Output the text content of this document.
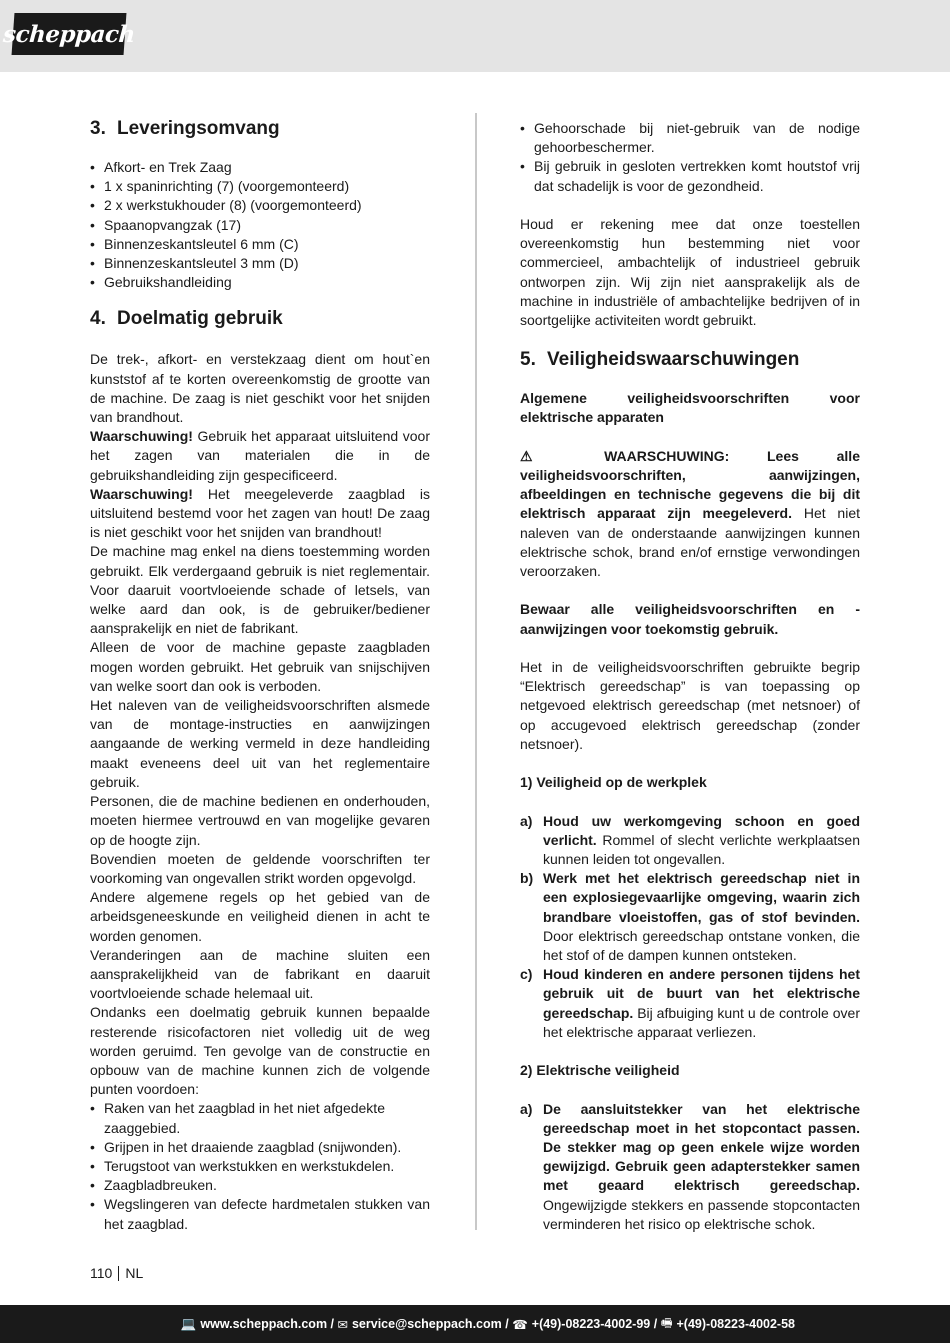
scheppach
3. Leveringsomvang
• Afkort- en Trek Zaag
• 1 x spaninrichting (7) (voorgemonteerd)
• 2 x werkstukhouder (8) (voorgemonteerd)
• Spaanopvangzak (17)
• Binnenzeskantsleutel 6 mm (C)
• Binnenzeskantsleutel 3 mm (D)
• Gebruikshandleiding
4. Doelmatig gebruik

De trek-, afkort- en verstekzaag dient om hout`en kunststof af te korten overeenkomstig de grootte van de machine. De zaag is niet geschikt voor het snijden van brandhout.

Waarschuwing! Gebruik het apparaat uitsluitend voor het zagen van materialen die in de gebruikshandleiding zijn gespecificeerd.

Waarschuwing! Het meegeleverde zaagblad is uitsluitend bestemd voor het zagen van hout! De zaag is niet geschikt voor het snijden van brandhout!

De machine mag enkel na diens toestemming worden gebruikt. Elk verdergaand gebruik is niet reglementair. Voor daaruit voortvloeiende schade of letsels, van welke aard dan ook, is de gebruiker/bediener aansprakelijk en niet de fabrikant.

Alleen de voor de machine gepaste zaagbladen mogen worden gebruikt. Het gebruik van snijschijven van welke soort dan ook is verboden.

Het naleven van de veiligheidsvoorschriften alsmede van de montage-instructies en aanwijzingen aangaande de werking vermeld in deze handleiding maakt eveneens deel uit van het reglementaire gebruik.

Personen, die de machine bedienen en onderhouden, moeten hiermee vertrouwd en van mogelijke gevaren op de hoogte zijn.

Bovendien moeten de geldende voorschriften ter voorkoming van ongevallen strikt worden opgevolgd.

Andere algemene regels op het gebied van de arbeidsgeneeskunde en veiligheid dienen in acht te worden genomen.

Veranderingen aan de machine sluiten een aansprakelijkheid van de fabrikant en daaruit voortvloeiende schade helemaal uit.

Ondanks een doelmatig gebruik kunnen bepaalde resterende risicofactoren niet volledig uit de weg worden geruimd. Ten gevolge van de constructie en opbouw van de machine kunnen zich de volgende punten voordoen:

• Raken van het zaagblad in het niet afgedekte zaaggebied.
• Grijpen in het draaiende zaagblad (snijwonden).
• Terugstoot van werkstukken en werkstukdelen.
• Zaagbladbreuken.
• Wegslingeren van defecte hardmetalen stukken van het zaagblad.
• Gehoorschade bij niet-gebruik van de nodige gehoorbeschermer.
• Bij gebruik in gesloten vertrekken komt houtstof vrij dat schadelijk is voor de gezondheid.

Houd er rekening mee dat onze toestellen overeenkomstig hun bestemming niet voor commercieel, ambachtelijk of industrieel gebruik ontworpen zijn. Wij zijn niet aansprakelijk als de machine in industriële of ambachtelijke bedrijven of in soortgelijke activiteiten wordt gebruikt.

5. Veiligheidswaarschuwingen

Algemene veiligheidsvoorschriften voor elektrische apparaten

⚠ WAARSCHUWING: Lees alle veiligheidsvoorschriften, aanwijzingen, afbeeldingen en technische gegevens die bij dit elektrisch apparaat zijn meegeleverd. Het niet naleven van de onderstaande aanwijzingen kunnen elektrische schok, brand en/of ernstige verwondingen veroorzaken.

Bewaar alle veiligheidsvoorschriften en -aanwijzingen voor toekomstig gebruik.

Het in de veiligheidsvoorschriften gebruikte begrip “Elektrisch gereedschap” is van toepassing op netgevoed elektrisch gereedschap (met netsnoer) of op accugevoed elektrisch gereedschap (zonder netsnoer).

1) Veiligheid op de werkplek

a) Houd uw werkomgeving schoon en goed verlicht. Rommel of slecht verlichte werkplaatsen kunnen leiden tot ongevallen.
b) Werk met het elektrisch gereedschap niet in een explosiegevaarlijke omgeving, waarin zich brandbare vloeistoffen, gas of stof bevinden. Door elektrisch gereedschap ontstane vonken, die het stof of de dampen kunnen ontsteken.
c) Houd kinderen en andere personen tijdens het gebruik uit de buurt van het elektrische gereedschap. Bij afbuiging kunt u de controle over het elektrische apparaat verliezen.

2) Elektrische veiligheid

a) De aansluitstekker van het elektrische gereedschap moet in het stopcontact passen. De stekker mag op geen enkele wijze worden gewijzigd. Gebruik geen adapterstekker samen met geaard elektrisch gereedschap. Ongewijzigde stekkers en passende stopcontacten verminderen het risico op elektrische schok.
110 NL
💻 www.scheppach.com /
✉ service@scheppach.com /
☎ +(49)-08223-4002-99 /
🖷 +(49)-08223-4002-58
